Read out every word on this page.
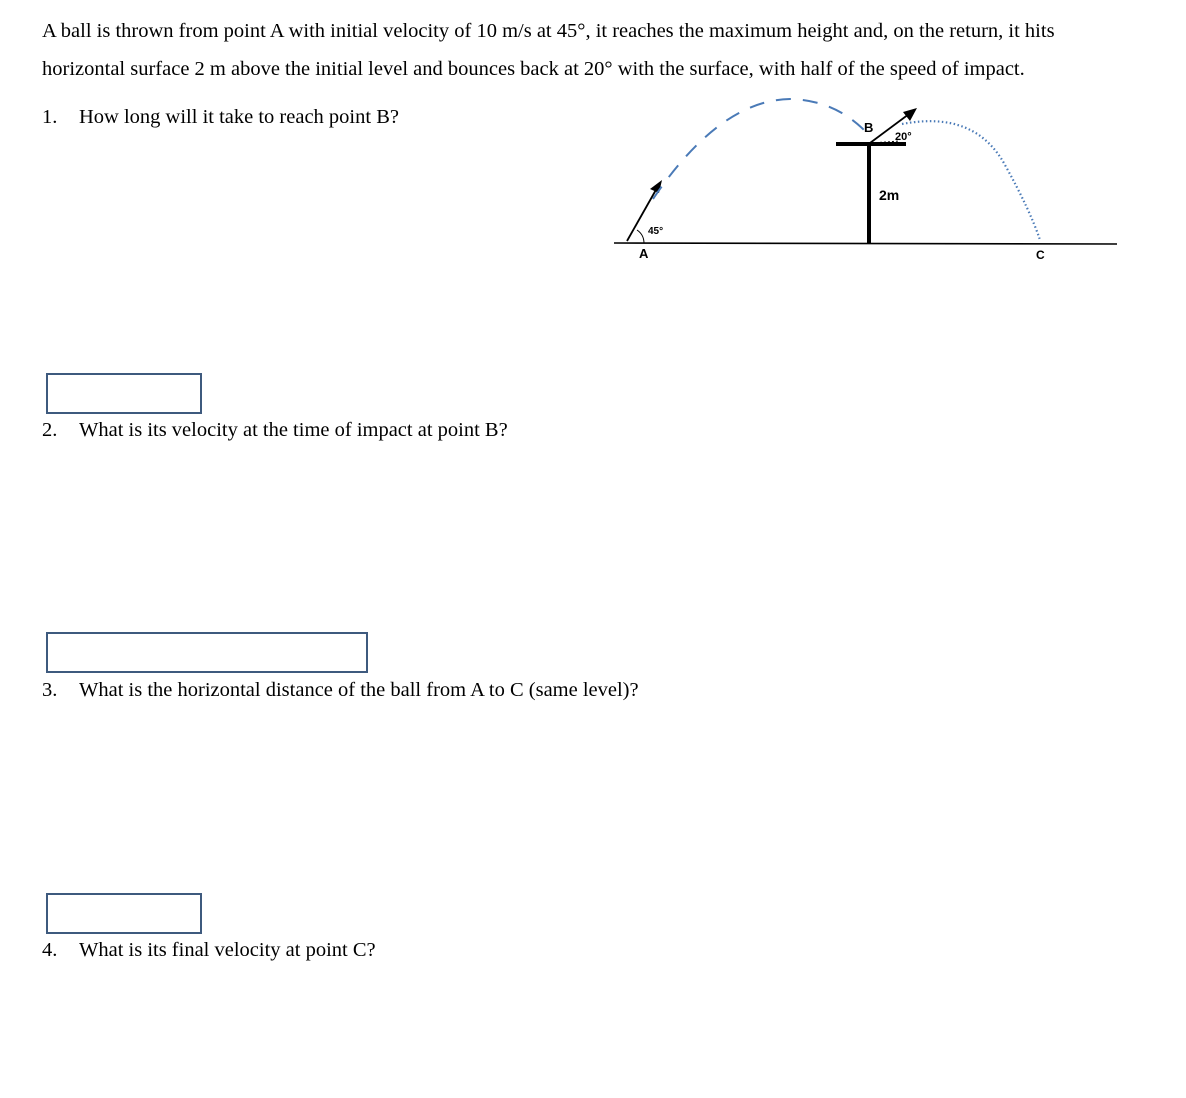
A ball is thrown from point A with initial velocity of 10 m/s at 45°, it reaches the maximum height and, on the return, it hits
horizontal surface 2 m above the initial level and bounces back at 20° with the surface, with half of the speed of impact.
1. How long will it take to reach point B?
45°
A
B
20°
2m
C
2. What is its velocity at the time of impact at point B?
3. What is the horizontal distance of the ball from A to C (same level)?
4. What is its final velocity at point C?
